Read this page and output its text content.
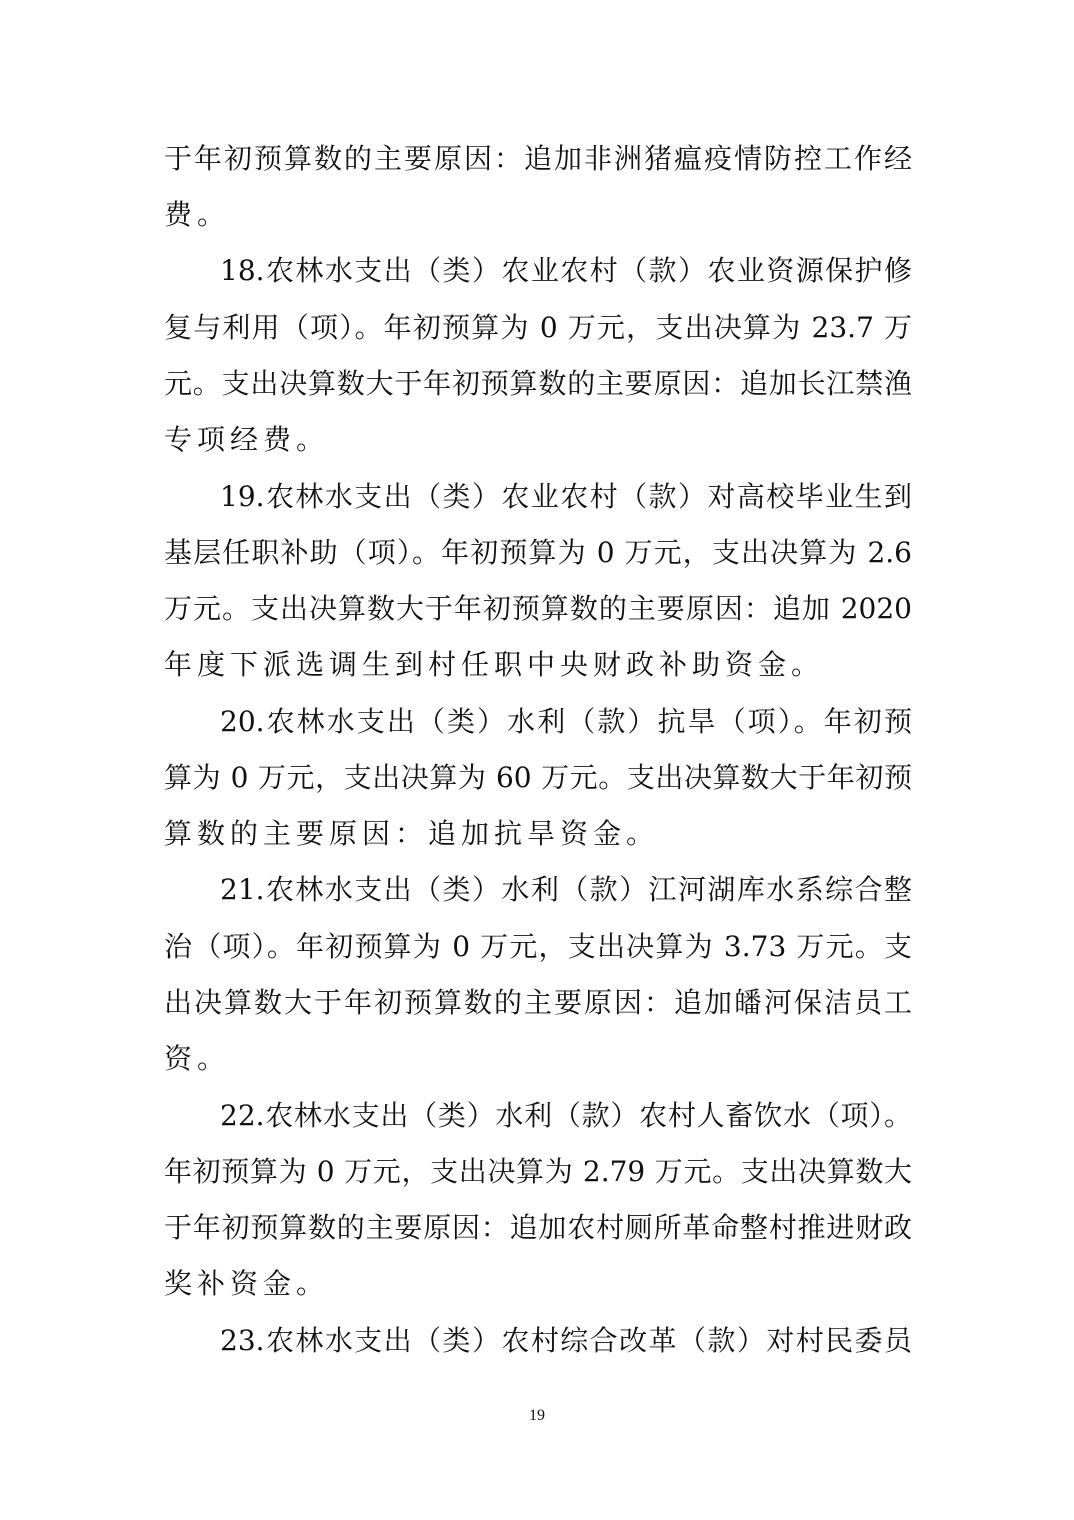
于年初预算数的主要原因：追加非洲猪瘟疫情防控工作经
费。
18.农林水支出（类）农业农村（款）农业资源保护修
复与利用（项）。年初预算为 0 万元，支出决算为 23.7 万
元。支出决算数大于年初预算数的主要原因：追加长江禁渔
专项经费。
19.农林水支出（类）农业农村（款）对高校毕业生到
基层任职补助（项）。年初预算为 0 万元，支出决算为 2.6
万元。支出决算数大于年初预算数的主要原因：追加 2020
年度下派选调生到村任职中央财政补助资金。
20.农林水支出（类）水利（款）抗旱（项）。年初预
算为 0 万元，支出决算为 60 万元。支出决算数大于年初预
算数的主要原因：追加抗旱资金。
21.农林水支出（类）水利（款）江河湖库水系综合整
治（项）。年初预算为 0 万元，支出决算为 3.73 万元。支
出决算数大于年初预算数的主要原因：追加皤河保洁员工
资。
22.农林水支出（类）水利（款）农村人畜饮水（项）。
年初预算为 0 万元，支出决算为 2.79 万元。支出决算数大
于年初预算数的主要原因：追加农村厕所革命整村推进财政
奖补资金。
23.农林水支出（类）农村综合改革（款）对村民委员
19
